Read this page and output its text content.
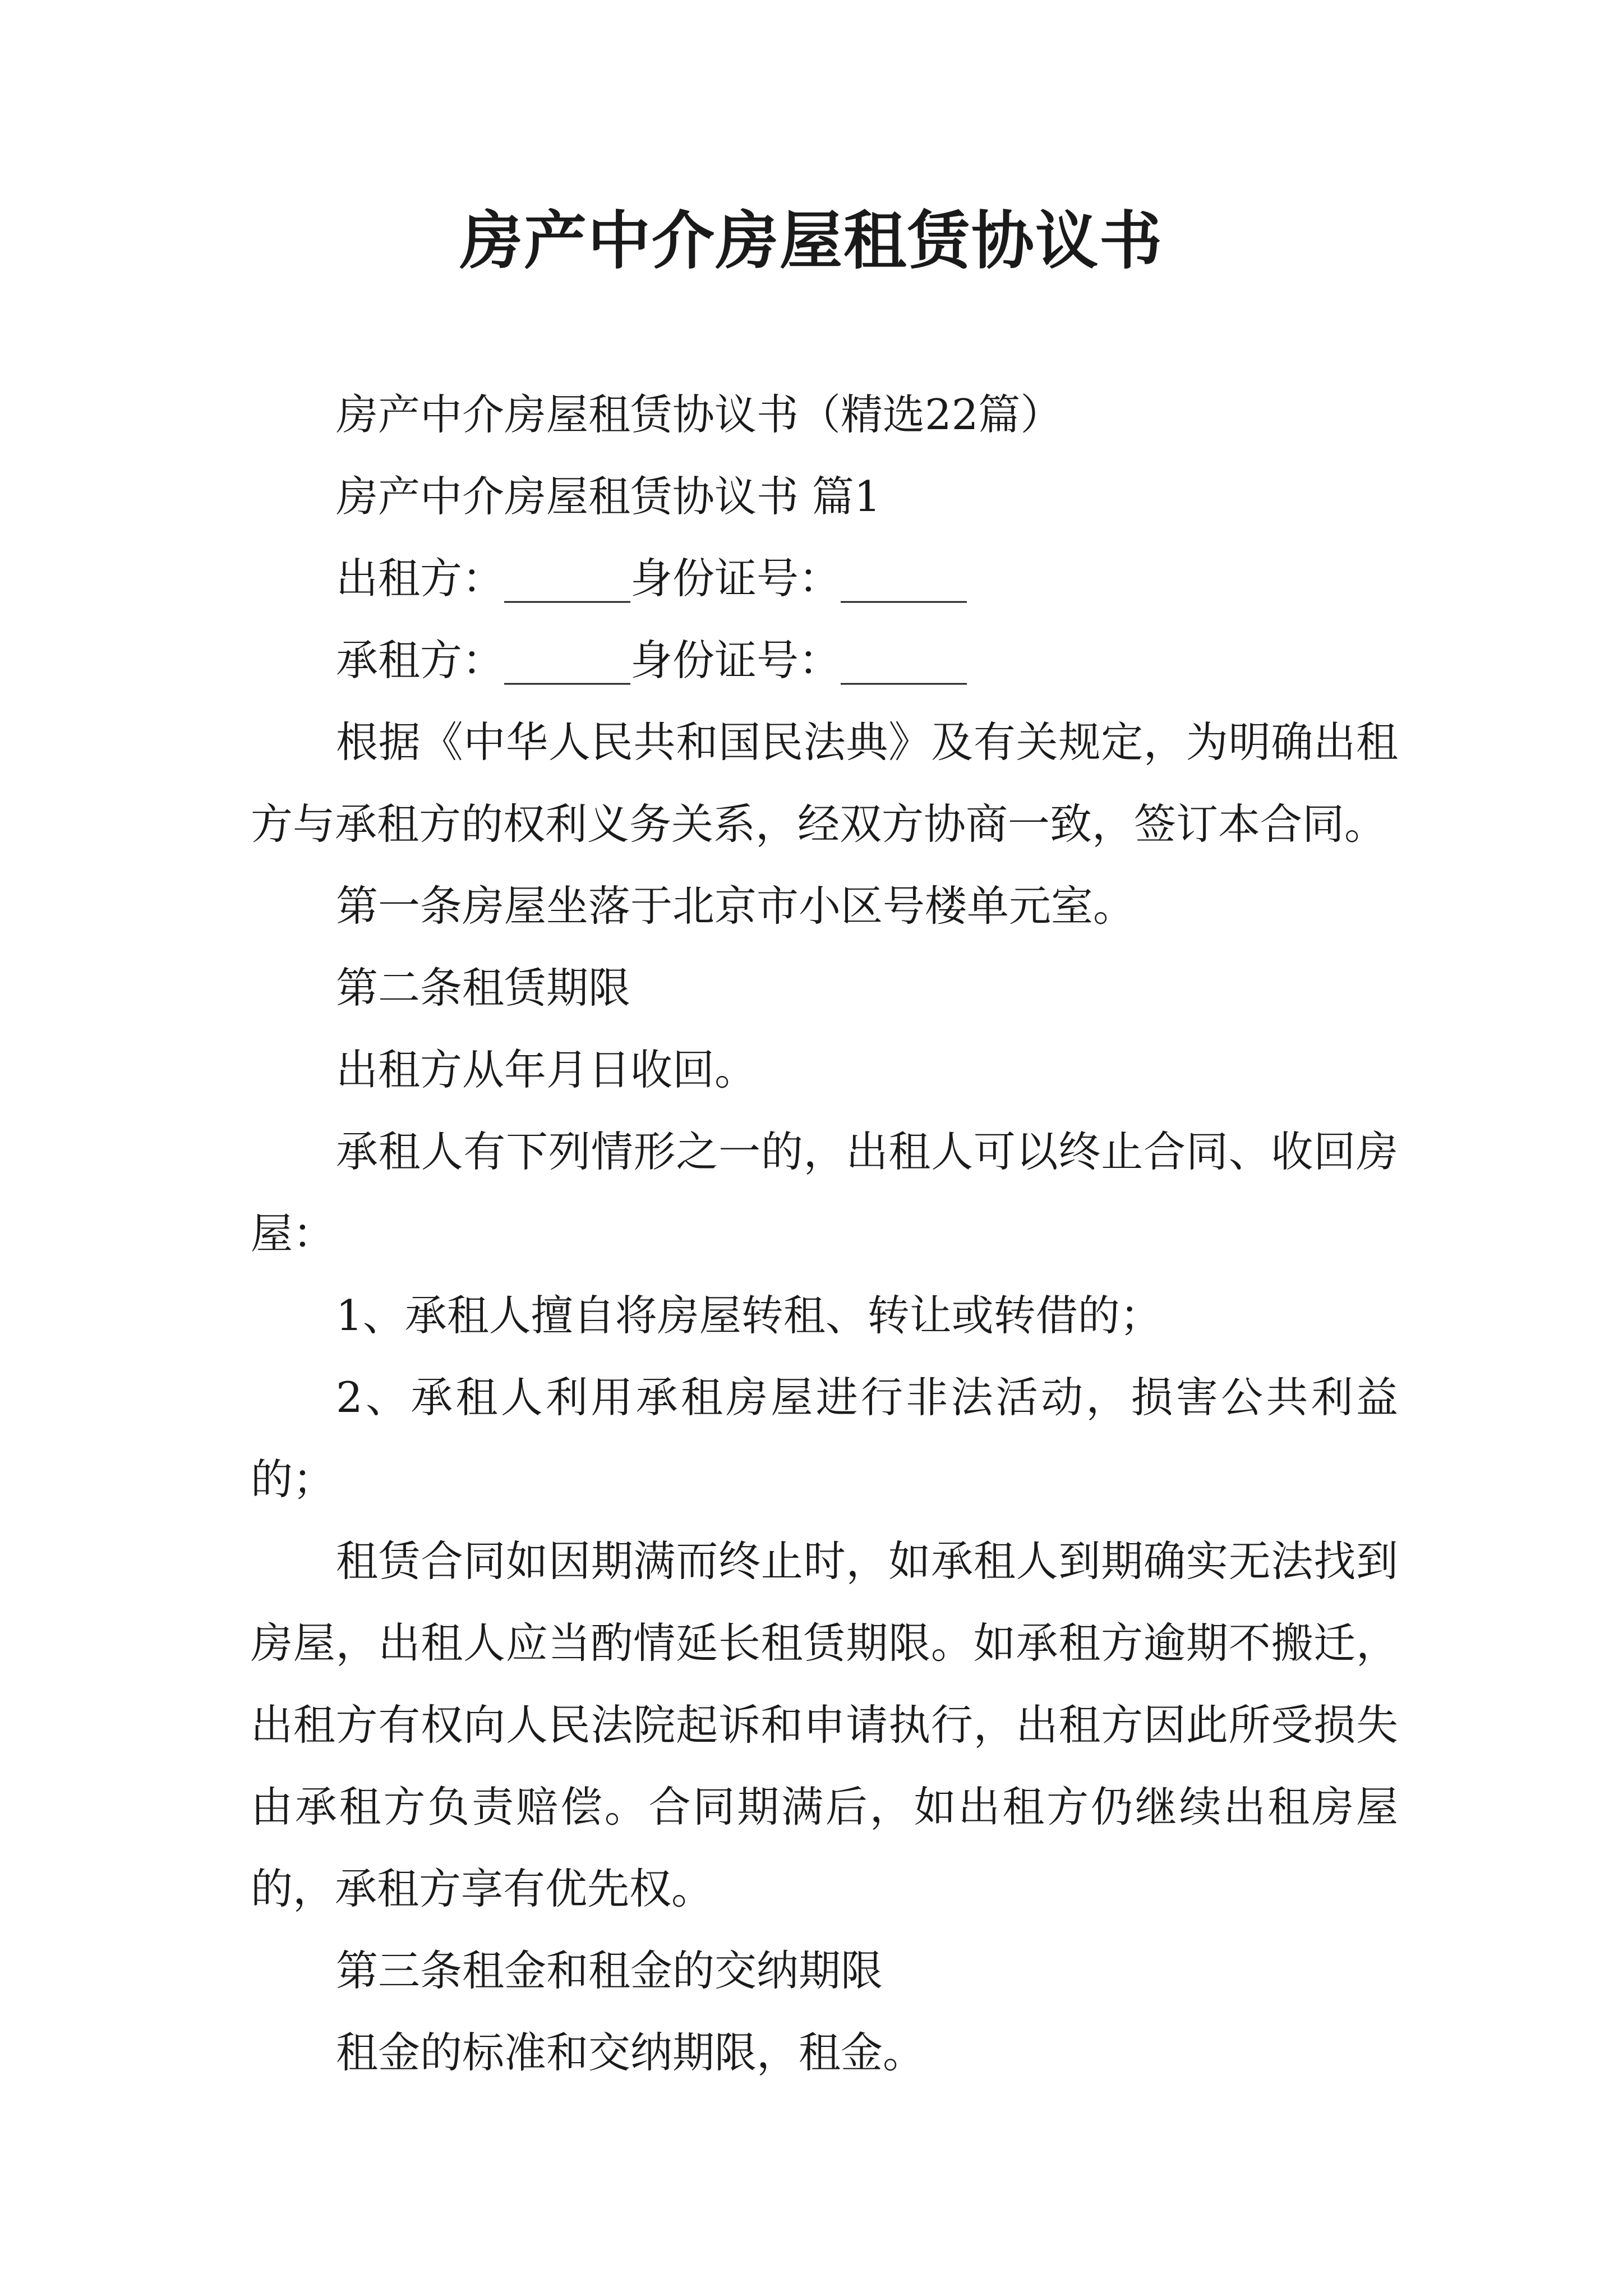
房产中介房屋租赁协议书

房产中介房屋租赁协议书（精选22篇）

房产中介房屋租赁协议书 篇1

出租方：______身份证号：______

承租方：______身份证号：______

根据《中华人民共和国民法典》及有关规定，为明确出租方与承租方的权利义务关系，经双方协商一致，签订本合同。

第一条房屋坐落于北京市小区号楼单元室。

第二条租赁期限

出租方从年月日收回。

承租人有下列情形之一的，出租人可以终止合同、收回房屋：

1、承租人擅自将房屋转租、转让或转借的；

2、承租人利用承租房屋进行非法活动，损害公共利益的；

租赁合同如因期满而终止时，如承租人到期确实无法找到房屋，出租人应当酌情延长租赁期限。如承租方逾期不搬迁，出租方有权向人民法院起诉和申请执行，出租方因此所受损失由承租方负责赔偿。合同期满后，如出租方仍继续出租房屋的，承租方享有优先权。

第三条租金和租金的交纳期限

租金的标准和交纳期限，租金。
